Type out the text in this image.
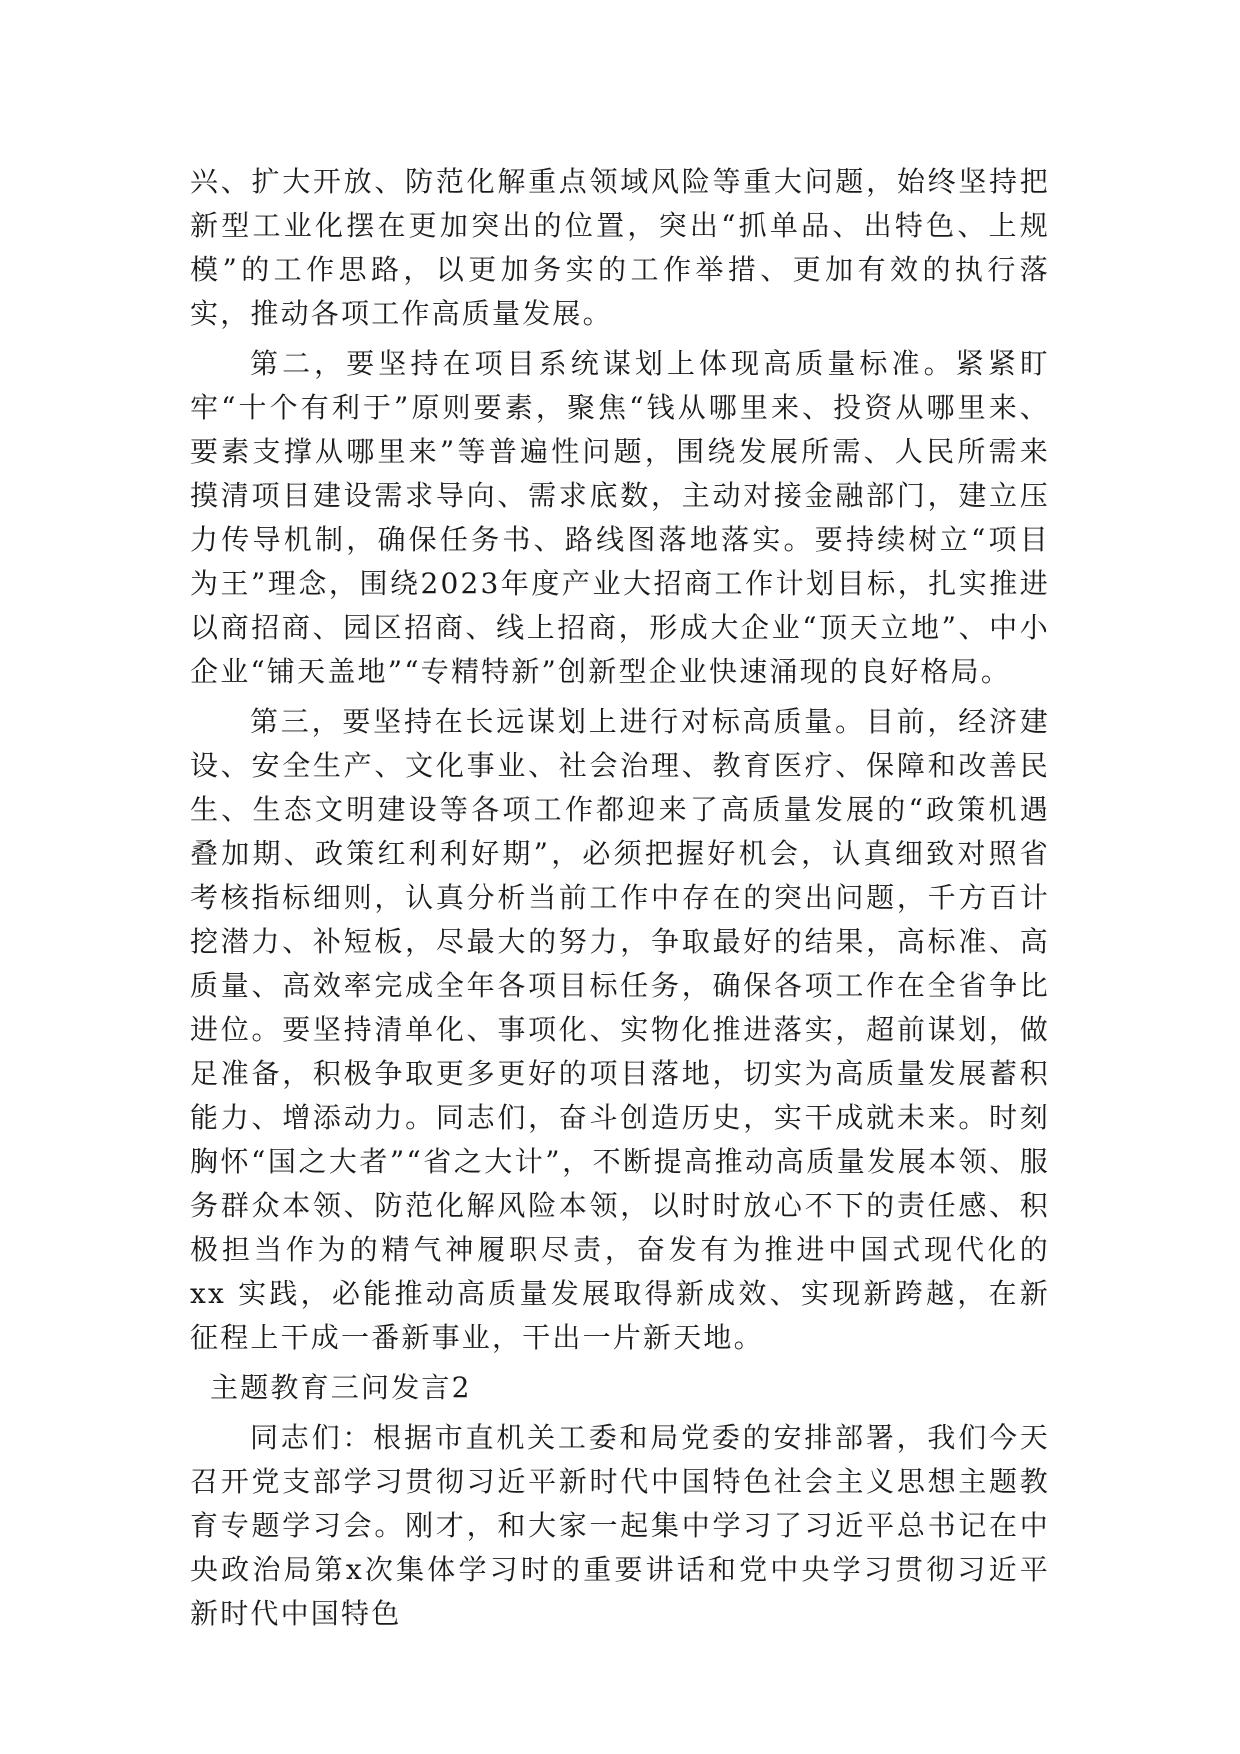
兴、扩大开放、防范化解重点领域风险等重大问题，始终坚持把新型工业化摆在更加突出的位置，突出“抓单品、出特色、上规模”的工作思路，以更加务实的工作举措、更加有效的执行落实，推动各项工作高质量发展。

第二，要坚持在项目系统谋划上体现高质量标准。紧紧盯牢“十个有利于”原则要素，聚焦“钱从哪里来、投资从哪里来、要素支撑从哪里来”等普遍性问题，围绕发展所需、人民所需来摸清项目建设需求导向、需求底数，主动对接金融部门，建立压力传导机制，确保任务书、路线图落地落实。要持续树立“项目为王”理念，围绕2023年度产业大招商工作计划目标，扎实推进以商招商、园区招商、线上招商，形成大企业“顶天立地”、中小企业“铺天盖地”“专精特新”创新型企业快速涌现的良好格局。

第三，要坚持在长远谋划上进行对标高质量。目前，经济建设、安全生产、文化事业、社会治理、教育医疗、保障和改善民生、生态文明建设等各项工作都迎来了高质量发展的“政策机遇叠加期、政策红利利好期”，必须把握好机会，认真细致对照省考核指标细则，认真分析当前工作中存在的突出问题，千方百计挖潜力、补短板，尽最大的努力，争取最好的结果，高标准、高质量、高效率完成全年各项目标任务，确保各项工作在全省争比进位。要坚持清单化、事项化、实物化推进落实，超前谋划，做足准备，积极争取更多更好的项目落地，切实为高质量发展蓄积能力、增添动力。同志们，奋斗创造历史，实干成就未来。时刻胸怀“国之大者”“省之大计”，不断提高推动高质量发展本领、服务群众本领、防范化解风险本领，以时时放心不下的责任感、积极担当作为的精气神履职尽责，奋发有为推进中国式现代化的 xx 实践，必能推动高质量发展取得新成效、实现新跨越，在新征程上干成一番新事业，干出一片新天地。

主题教育三问发言2

同志们：根据市直机关工委和局党委的安排部署，我们今天召开党支部学习贯彻习近平新时代中国特色社会主义思想主题教育专题学习会。刚才，和大家一起集中学习了习近平总书记在中央政治局第x次集体学习时的重要讲话和党中央学习贯彻习近平新时代中国特色
